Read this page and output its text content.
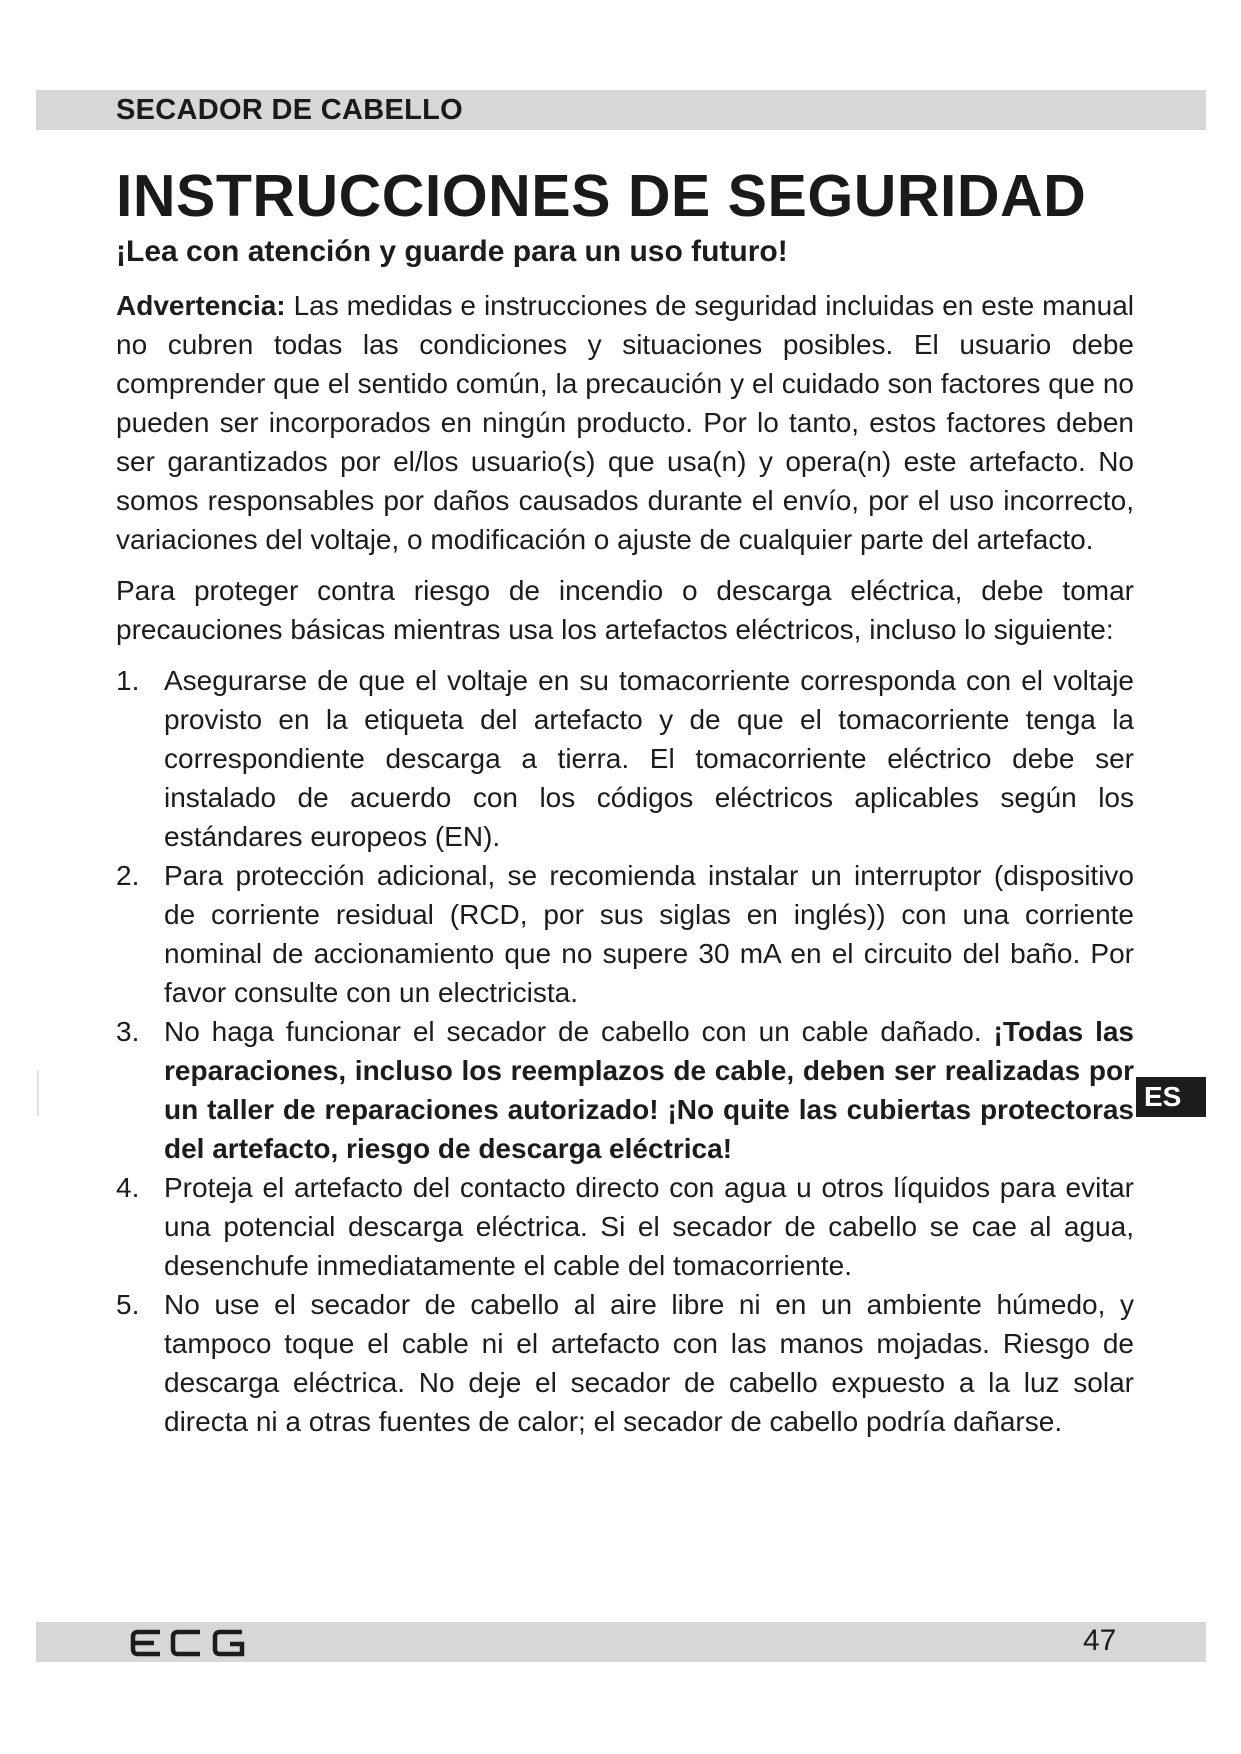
SECADOR DE CABELLO
INSTRUCCIONES DE SEGURIDAD
¡Lea con atención y guarde para un uso futuro!

Advertencia: Las medidas e instrucciones de seguridad incluidas en este manual no cubren todas las condiciones y situaciones posibles. El usuario debe comprender que el sentido común, la precaución y el cuidado son factores que no pueden ser incorporados en ningún producto. Por lo tanto, estos factores deben ser garantizados por el/los usuario(s) que usa(n) y opera(n) este artefacto. No somos responsables por daños causados durante el envío, por el uso incorrecto, variaciones del voltaje, o modificación o ajuste de cualquier parte del artefacto.

Para proteger contra riesgo de incendio o descarga eléctrica, debe tomar precauciones básicas mientras usa los artefactos eléctricos, incluso lo siguiente:

1. Asegurarse de que el voltaje en su tomacorriente corresponda con el voltaje provisto en la etiqueta del artefacto y de que el tomacorriente tenga la correspondiente descarga a tierra. El tomacorriente eléctrico debe ser instalado de acuerdo con los códigos eléctricos aplicables según los estándares europeos (EN).
2. Para protección adicional, se recomienda instalar un interruptor (dispositivo de corriente residual (RCD, por sus siglas en inglés)) con una corriente nominal de accionamiento que no supere 30 mA en el circuito del baño. Por favor consulte con un electricista.
3. No haga funcionar el secador de cabello con un cable dañado. ¡Todas las reparaciones, incluso los reemplazos de cable, deben ser realizadas por un taller de reparaciones autorizado! ¡No quite las cubiertas protectoras del artefacto, riesgo de descarga eléctrica!
4. Proteja el artefacto del contacto directo con agua u otros líquidos para evitar una potencial descarga eléctrica. Si el secador de cabello se cae al agua, desenchufe inmediatamente el cable del tomacorriente.
5. No use el secador de cabello al aire libre ni en un ambiente húmedo, y tampoco toque el cable ni el artefacto con las manos mojadas. Riesgo de descarga eléctrica. No deje el secador de cabello expuesto a la luz solar directa ni a otras fuentes de calor; el secador de cabello podría dañarse.
ES
47
